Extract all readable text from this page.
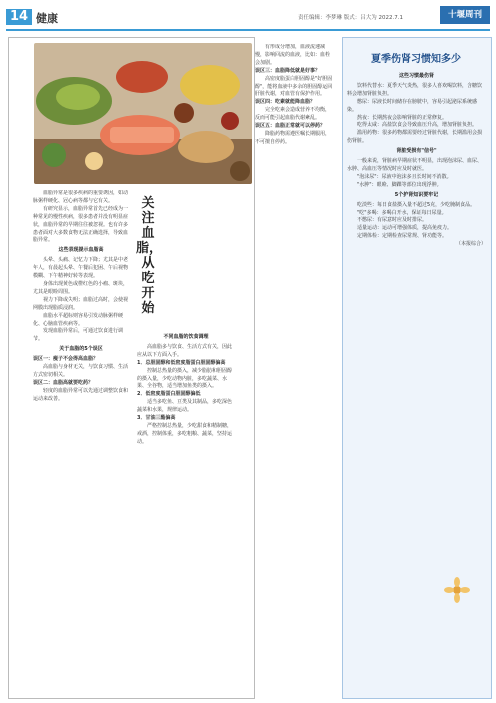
14 健康	责任编辑：李梦琳 版式：吕大为 2022.7.1	十堰周刊
关注血脂，从吃开始

血脂异常是很多疾病的重要诱因，如动脉粥样硬化、冠心病等都与它有关。

有研究显示，血脂异常首先已经成为一种常见的慢性疾病，很多患者并没有明显症状，血脂异常的早期往往被忽视。也有许多患者面对大多数食物无法正确选择，导致血脂异常。

这些表现提示血脂高

头晕、头痛、记忆力下降；尤其是中老年人，有晨起头晕、午餐后犯困、午后视物模糊、下午精神好转等表现。

身体出现黄色或橙红色的小瘤、斑块，尤其是眼睑周围。

视力下降或失明；血脂过高时，会使视网膜出现脂质浸润。

血脂水平超标则容易引发动脉粥样硬化、心脑血管疾病等。

发现血脂异常后，可通过饮食进行调节。

关于血脂的5个误区

误区一：瘦子不会得高血脂？

高血脂与身材无关，与饮食习惯、生活方式密切相关。

误区二：血脂高就要吃药？

轻度的血脂异常可以先通过调整饮食和运动来改善。

不同血脂的饮食调理

高血脂多与饮食、生活方式有关，因此应从以下方面入手。

1．总胆固醇和低密度脂蛋白胆固醇偏高

控制总热量的摄入，减少脂肪和胆固醇的摄入量，少吃动物内脏，多吃蔬菜、水果、全谷物，适当增加鱼类的摄入。

2．低密度脂蛋白胆固醇偏低

适当多吃鱼、豆类及其制品，多吃深色蔬菜和水果，规律运动。

3．甘油三酯偏高

严格控制总热量，少吃甜食和精制糖，戒酒，控制体重，多吃粗粮、蔬菜，坚持运动。

有形成分增加，血液流速减慢，影响回流的血液，比如：血栓会加剧。

误区三：血脂降低就是好事？

高密度脂蛋白胆固醇是"好胆固醇"，能将血液中多余的胆固醇运回肝脏代谢，对血管有保护作用。

误区四：吃素就能降血脂？

完全吃素会造成营养不均衡，反而可能引起血脂代谢紊乱。

误区五：血脂正常就可以停药？

降脂药物需遵医嘱长期服用，不可擅自停药。

夏季伤肾习惯知多少

这些习惯最伤肾

饮料代替水：夏季天气炎热，很多人喜欢喝饮料，含糖饮料会增加肾脏负担。

憋尿：尿液长时间储存在膀胱中，容易引起泌尿系统感染。

熬夜：长期熬夜会影响肾脏的正常修复。

吃得太咸：高盐饮食会导致血压升高，增加肾脏负担。

滥用药物：很多药物都需要经过肾脏代谢，长期滥用会损伤肾脏。

肾脏受损有"信号"

一般来说，肾脏病早期症状不明显，出现泡沫尿、血尿、水肿、高血压等情况时应及时就医。

"泡沫尿"：尿液中泡沫多且长时间不消散。

"水肿"：眼睑、脚踝等部位出现浮肿。

5个护肾知识要牢记

吃淡些：每日食盐摄入量不超过5克，少吃腌制食品。

"吃"多喝：多喝白开水，保证每日尿量。

不憋尿：有尿意时应及时排尿。

适量运动：运动可增强体质，提高免疫力。

定期体检：定期检查尿常规、肾功能等。

（本报综合）
